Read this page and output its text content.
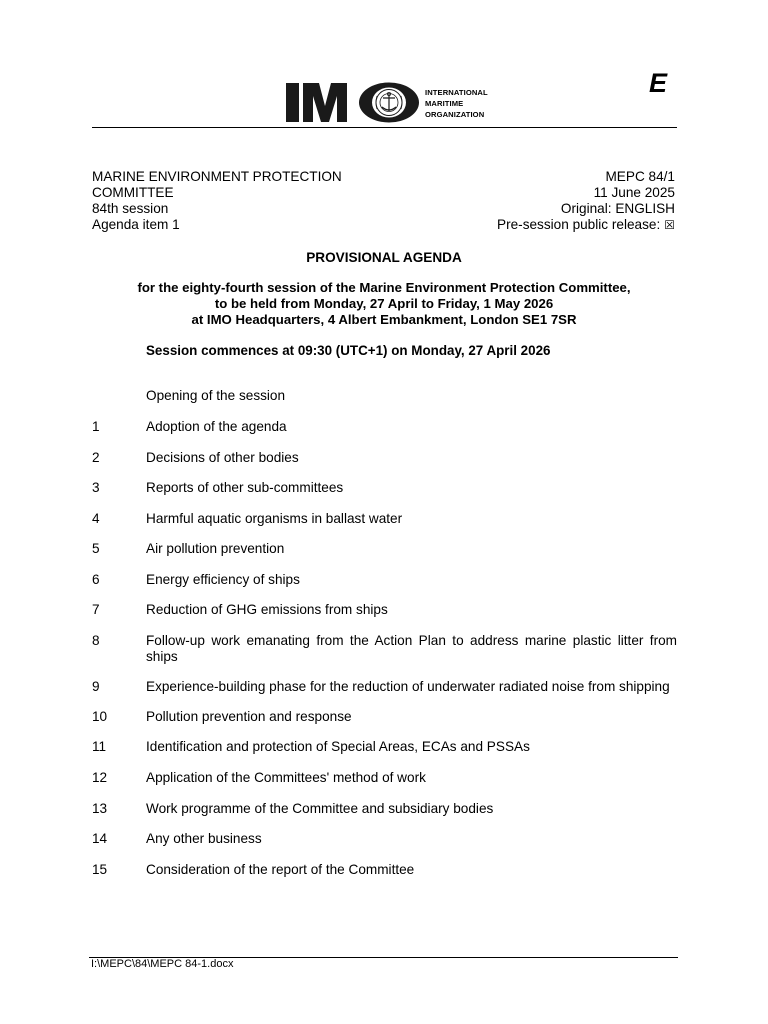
INTERNATIONAL
MARITIME
ORGANIZATION
E
MARINE ENVIRONMENT PROTECTION
COMMITTEE
84th session
Agenda item 1
MEPC 84/1
11 June 2025
Original: ENGLISH
Pre-session public release: ☒
PROVISIONAL AGENDA
for the eighty-fourth session of the Marine Environment Protection Committee,
to be held from Monday, 27 April to Friday, 1 May 2026
at IMO Headquarters, 4 Albert Embankment, London SE1 7SR
Session commences at 09:30 (UTC+1) on Monday, 27 April 2026
Opening of the session
1	Adoption of the agenda
2	Decisions of other bodies
3	Reports of other sub-committees
4	Harmful aquatic organisms in ballast water
5	Air pollution prevention
6	Energy efficiency of ships
7	Reduction of GHG emissions from ships
8	Follow-up work emanating from the Action Plan to address marine plastic litter from ships
9	Experience-building phase for the reduction of underwater radiated noise from shipping
10	Pollution prevention and response
11	Identification and protection of Special Areas, ECAs and PSSAs
12	Application of the Committees' method of work
13	Work programme of the Committee and subsidiary bodies
14	Any other business
15	Consideration of the report of the Committee
I:\MEPC\84\MEPC 84-1.docx
